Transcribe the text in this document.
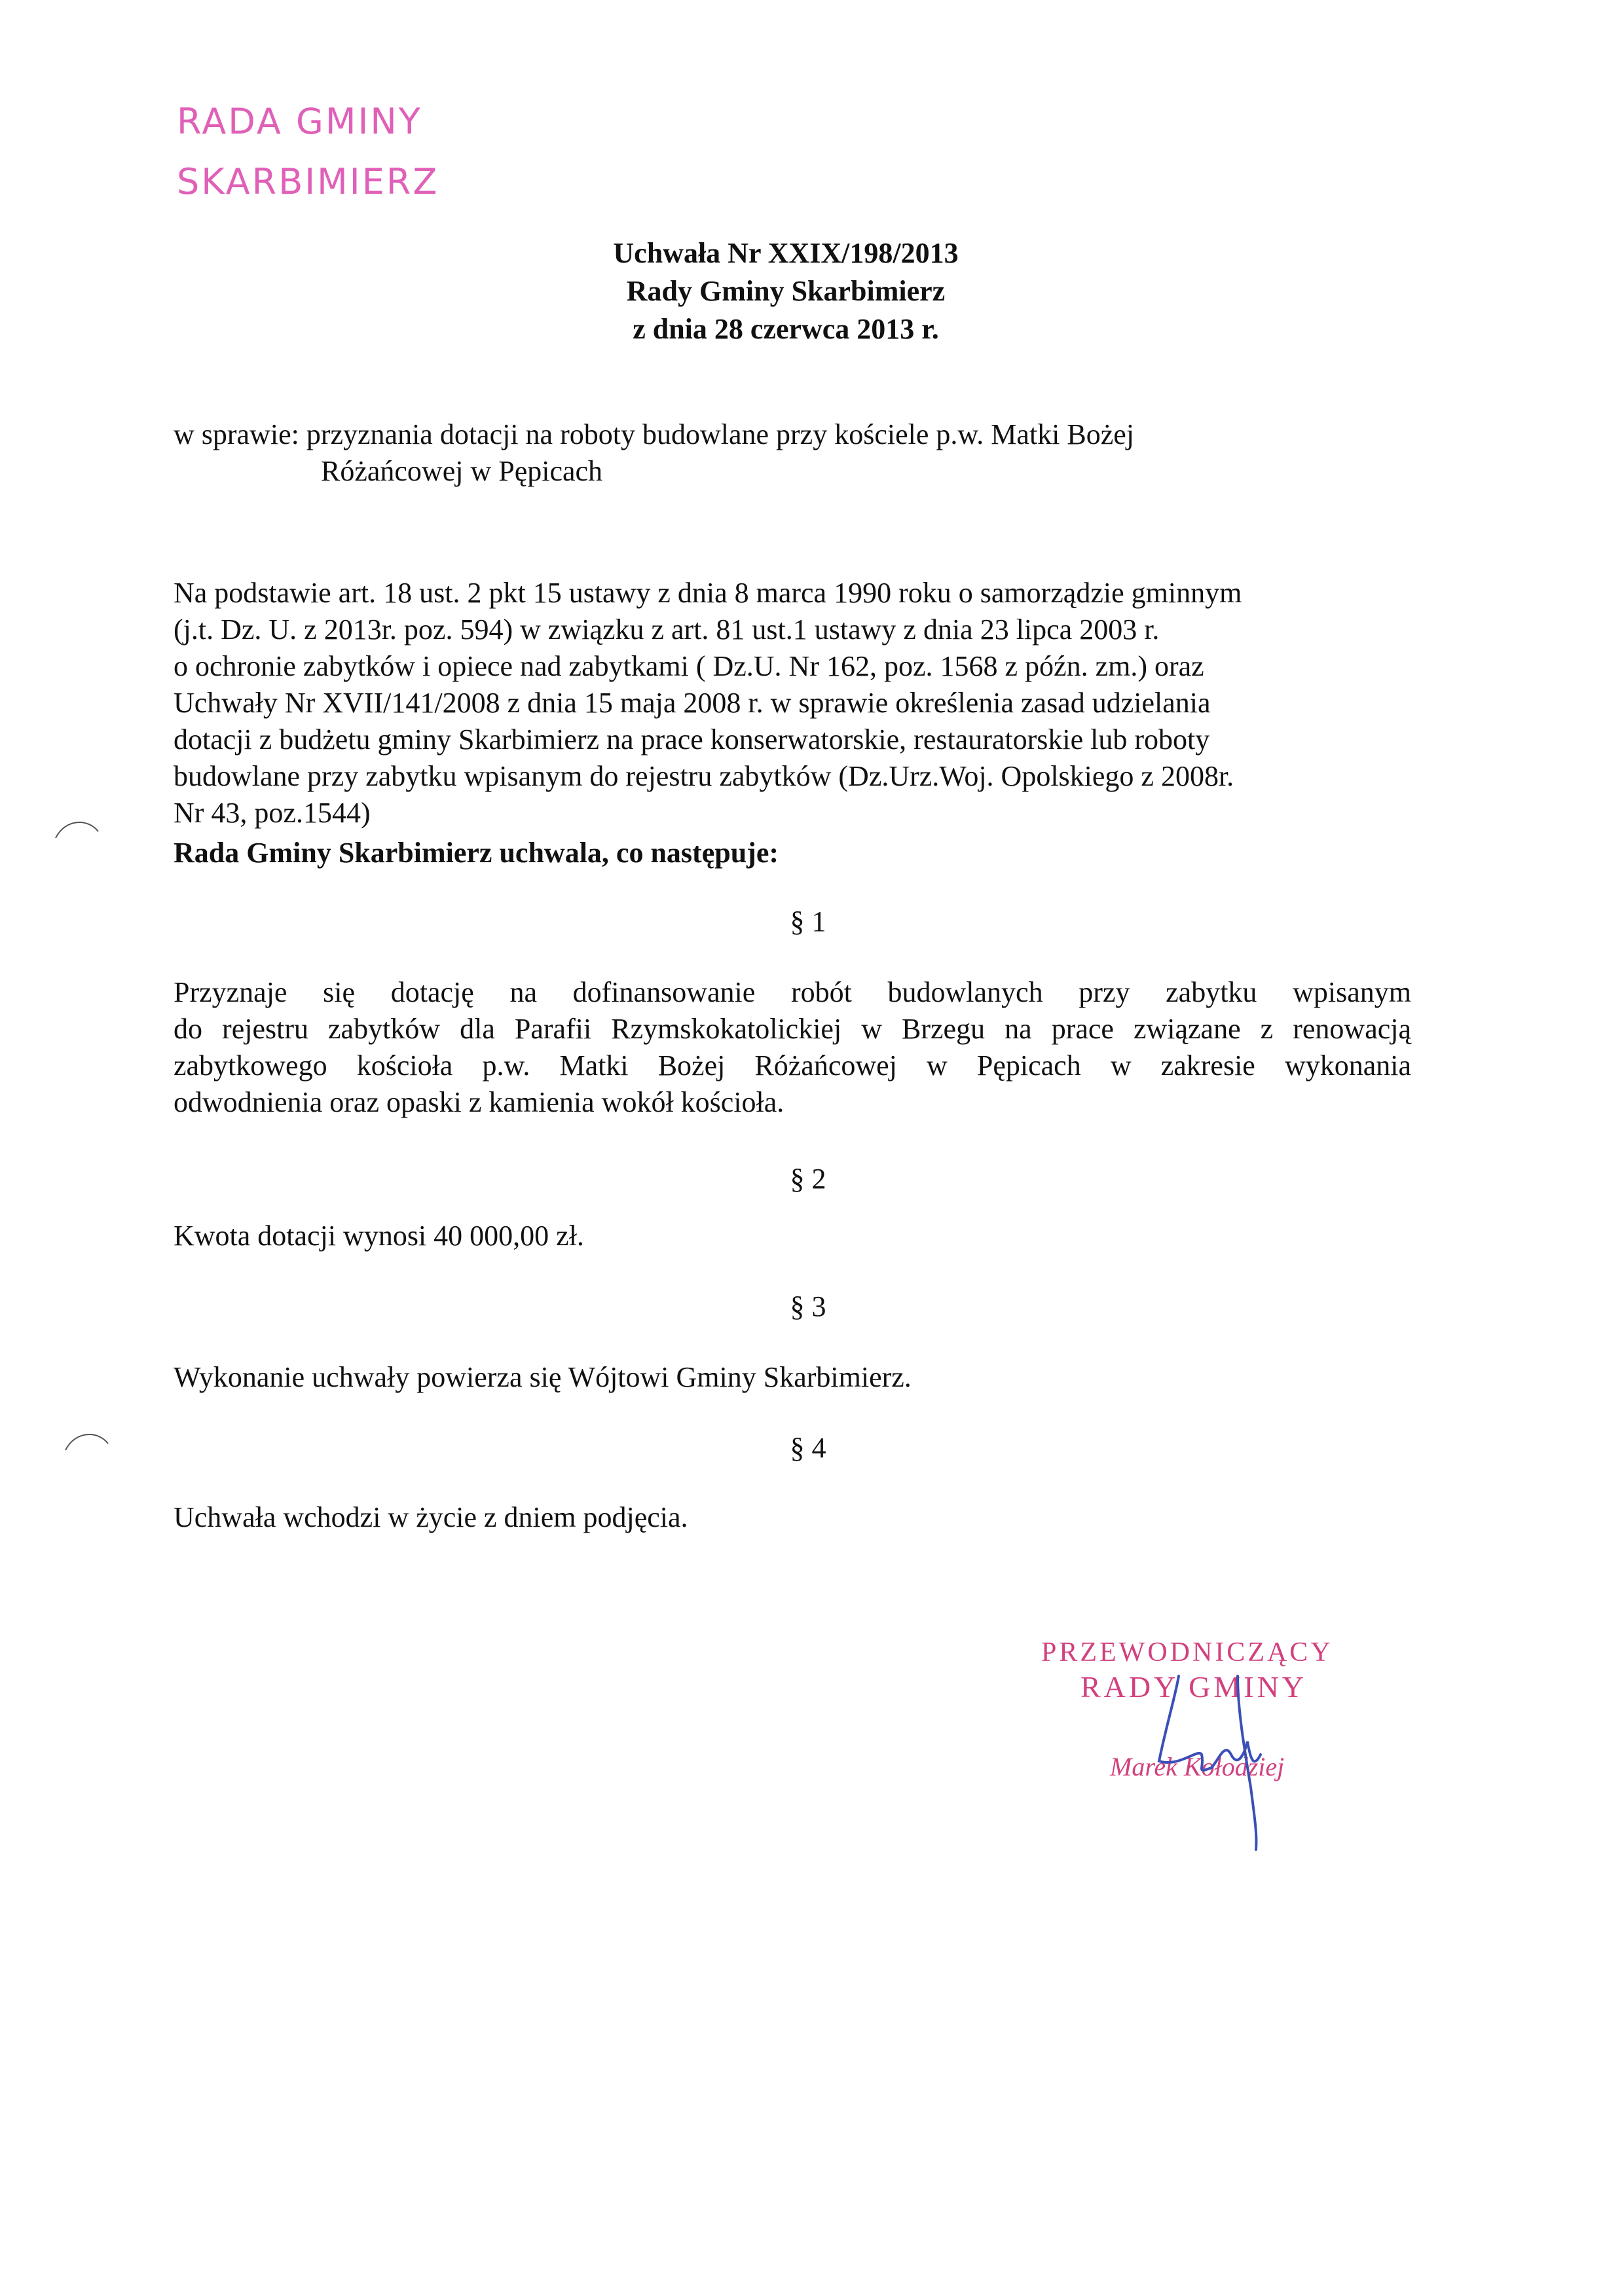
RADA GMINY
SKARBIMIERZ
Uchwała Nr XXIX/198/2013
Rady Gminy Skarbimierz
z dnia 28 czerwca 2013 r.
w sprawie: przyznania dotacji na roboty budowlane przy kościele p.w. Matki Bożej
Różańcowej w Pępicach
Na podstawie art. 18 ust. 2 pkt 15 ustawy z dnia 8 marca 1990 roku o samorządzie gminnym
(j.t. Dz. U. z 2013r. poz. 594) w związku z art. 81 ust.1 ustawy z dnia 23 lipca 2003 r.
o ochronie zabytków i opiece nad zabytkami ( Dz.U. Nr 162, poz. 1568 z późn. zm.) oraz
Uchwały Nr XVII/141/2008 z dnia 15 maja 2008 r. w sprawie określenia zasad udzielania
dotacji z budżetu gminy Skarbimierz na prace konserwatorskie, restauratorskie lub roboty
budowlane przy zabytku wpisanym do rejestru zabytków (Dz.Urz.Woj. Opolskiego z 2008r.
Nr 43, poz.1544)
Rada Gminy Skarbimierz uchwala, co następuje:
§ 1
Przyznaje się dotację na dofinansowanie robót budowlanych przy zabytku wpisanym
do rejestru zabytków dla Parafii Rzymskokatolickiej w Brzegu na prace związane z renowacją
zabytkowego kościoła p.w. Matki Bożej Różańcowej w Pępicach w zakresie wykonania
odwodnienia oraz opaski z kamienia wokół kościoła.
§ 2
Kwota dotacji wynosi 40 000,00 zł.
§ 3
Wykonanie uchwały powierza się Wójtowi Gminy Skarbimierz.
§ 4
Uchwała wchodzi w życie z dniem podjęcia.
PRZEWODNICZĄCY
RADY GMINY
Marek Kołodziej
